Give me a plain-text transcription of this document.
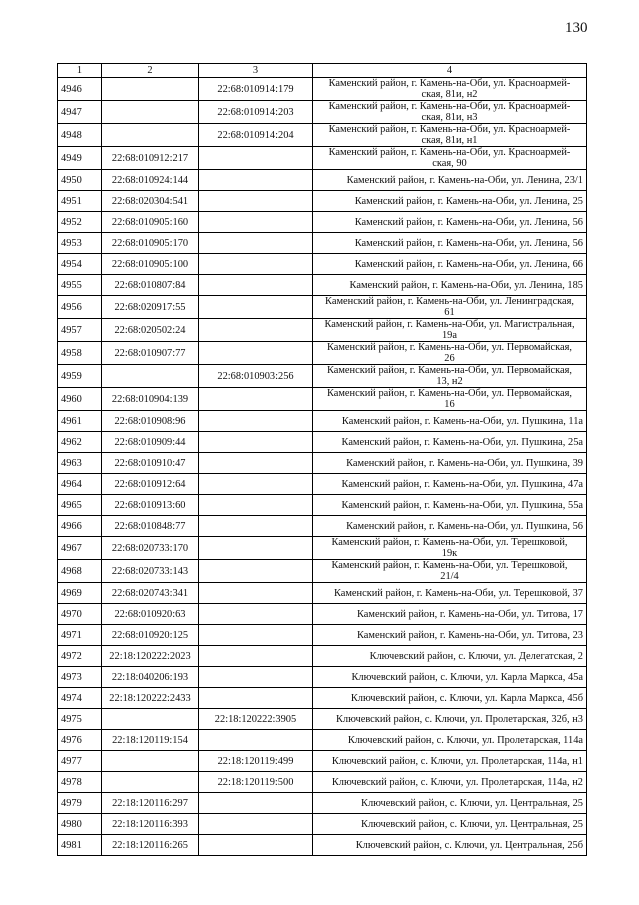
130
1	2	3	4
4946		22:68:010914:179	Каменский район, г. Камень-на-Оби, ул. Красноармей-
ская, 81и, н2

4947		22:68:010914:203	Каменский район, г. Камень-на-Оби, ул. Красноармей-
ская, 81и, н3

4948		22:68:010914:204	Каменский район, г. Камень-на-Оби, ул. Красноармей-
ская, 81и, н1

4949	22:68:010912:217		Каменский район, г. Камень-на-Оби, ул. Красноармей-
ская, 90

4950	22:68:010924:144		Каменский район, г. Камень-на-Оби, ул. Ленина, 23/1
4951	22:68:020304:541		Каменский район, г. Камень-на-Оби, ул. Ленина, 25
4952	22:68:010905:160		Каменский район, г. Камень-на-Оби, ул. Ленина, 56
4953	22:68:010905:170		Каменский район, г. Камень-на-Оби, ул. Ленина, 56
4954	22:68:010905:100		Каменский район, г. Камень-на-Оби, ул. Ленина, 66
4955	22:68:010807:84		Каменский район, г. Камень-на-Оби, ул. Ленина, 185
4956	22:68:020917:55		Каменский район, г. Камень-на-Оби, ул. Ленинградская,
61

4957	22:68:020502:24		Каменский район, г. Камень-на-Оби, ул. Магистральная,
19а

4958	22:68:010907:77		Каменский район, г. Камень-на-Оби, ул. Первомайская,
26

4959		22:68:010903:256	Каменский район, г. Камень-на-Оби, ул. Первомайская,
13, н2

4960	22:68:010904:139		Каменский район, г. Камень-на-Оби, ул. Первомайская,
16

4961	22:68:010908:96		Каменский район, г. Камень-на-Оби, ул. Пушкина, 11а
4962	22:68:010909:44		Каменский район, г. Камень-на-Оби, ул. Пушкина, 25а
4963	22:68:010910:47		Каменский район, г. Камень-на-Оби, ул. Пушкина, 39
4964	22:68:010912:64		Каменский район, г. Камень-на-Оби, ул. Пушкина, 47а
4965	22:68:010913:60		Каменский район, г. Камень-на-Оби, ул. Пушкина, 55а
4966	22:68:010848:77		Каменский район, г. Камень-на-Оби, ул. Пушкина, 56
4967	22:68:020733:170		Каменский район, г. Камень-на-Оби, ул. Терешковой,
19к

4968	22:68:020733:143		Каменский район, г. Камень-на-Оби, ул. Терешковой,
21/4

4969	22:68:020743:341		Каменский район, г. Камень-на-Оби, ул. Терешковой, 37
4970	22:68:010920:63		Каменский район, г. Камень-на-Оби, ул. Титова, 17
4971	22:68:010920:125		Каменский район, г. Камень-на-Оби, ул. Титова, 23
4972	22:18:120222:2023		Ключевский район, с. Ключи, ул. Делегатская, 2
4973	22:18:040206:193		Ключевский район, с. Ключи, ул. Карла Маркса, 45а
4974	22:18:120222:2433		Ключевский район, с. Ключи, ул. Карла Маркса, 45б
4975		22:18:120222:3905	Ключевский район, с. Ключи, ул. Пролетарская, 32б, н3
4976	22:18:120119:154		Ключевский район, с. Ключи, ул. Пролетарская, 114а
4977		22:18:120119:499	Ключевский район, с. Ключи, ул. Пролетарская, 114а, н1
4978		22:18:120119:500	Ключевский район, с. Ключи, ул. Пролетарская, 114а, н2
4979	22:18:120116:297		Ключевский район, с. Ключи, ул. Центральная, 25
4980	22:18:120116:393		Ключевский район, с. Ключи, ул. Центральная, 25
4981	22:18:120116:265		Ключевский район, с. Ключи, ул. Центральная, 25б
